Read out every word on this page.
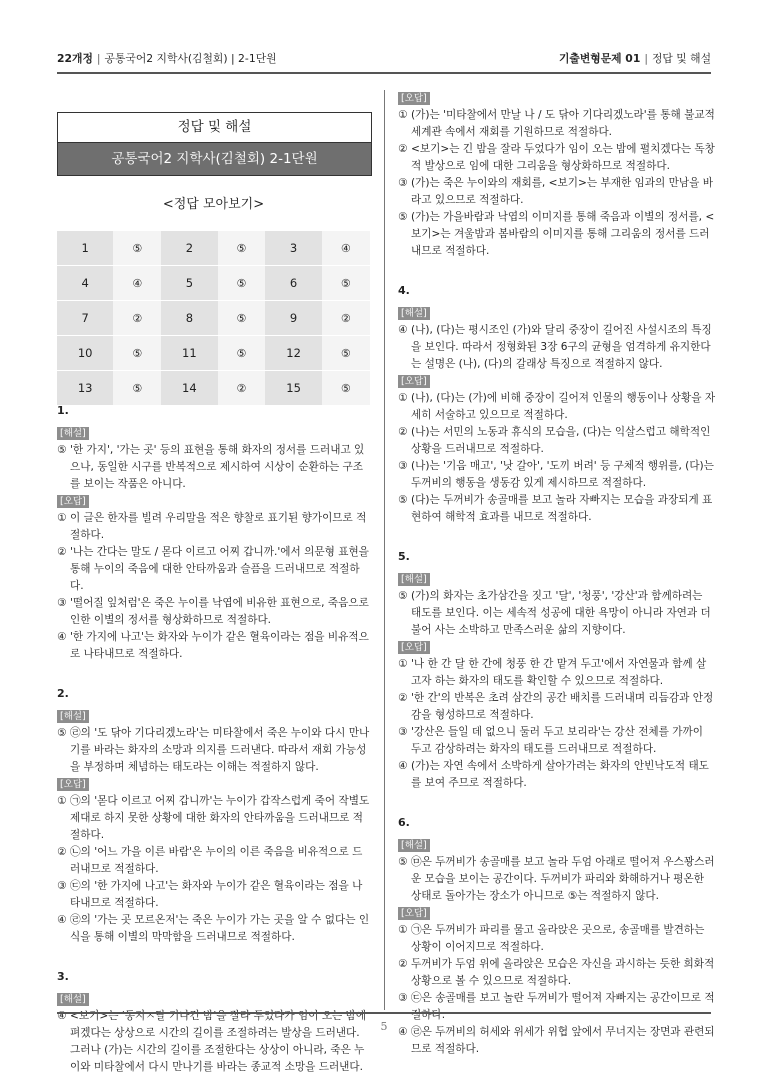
22개정 | 공통국어2 지학사(김철회) | 2-1단원	기출변형문제 01 | 정답 및 해설
정답 및 해설
공통국어2 지학사(김철회) 2-1단원
<정답 모아보기>
1	⑤	2	⑤	3	④
4	④	5	⑤	6	⑤
7	②	8	⑤	9	②
10	⑤	11	⑤	12	⑤
13	⑤	14	②	15	⑤
1.
[해설]

⑤ '한 가지', '가는 곳' 등의 표현을 통해 화자의 정서를 드러내고 있으나, 동일한 시구를 반복적으로 제시하여 시상이 순환하는 구조를 보이는 작품은 아니다.

[오답]

① 이 글은 한자를 빌려 우리말을 적은 향찰로 표기된 향가이므로 적절하다.

② '나는 간다는 말도 / 몯다 이르고 어찌 갑니까.'에서 의문형 표현을 통해 누이의 죽음에 대한 안타까움과 슬픔을 드러내므로 적절하다.

③ '떨어질 잎처럼'은 죽은 누이를 낙엽에 비유한 표현으로, 죽음으로 인한 이별의 정서를 형상화하므로 적절하다.

④ '한 가지에 나고'는 화자와 누이가 같은 혈육이라는 점을 비유적으로 나타내므로 적절하다.

2.
[해설]

⑤ ㉣의 '도 닦아 기다리겠노라'는 미타찰에서 죽은 누이와 다시 만나기를 바라는 화자의 소망과 의지를 드러낸다. 따라서 재회 가능성을 부정하며 체념하는 태도라는 이해는 적절하지 않다.

[오답]

① ㉠의 '몯다 이르고 어찌 갑니까'는 누이가 갑작스럽게 죽어 작별도 제대로 하지 못한 상황에 대한 화자의 안타까움을 드러내므로 적절하다.

② ㉡의 '어느 가을 이른 바람'은 누이의 이른 죽음을 비유적으로 드러내므로 적절하다.

③ ㉢의 '한 가지에 나고'는 화자와 누이가 같은 혈육이라는 점을 나타내므로 적절하다.

④ ㉣의 '가는 곳 모르온저'는 죽은 누이가 가는 곳을 알 수 없다는 인식을 통해 이별의 막막함을 드러내므로 적절하다.

3.
[해설]

④ <보기>는 '동지ㅅ달 기나긴 밤'을 잘라 두었다가 임이 오는 밤에 펴겠다는 상상으로 시간의 길이를 조절하려는 발상을 드러낸다. 그러나 (가)는 시간의 길이를 조절한다는 상상이 아니라, 죽은 누이와 미타찰에서 다시 만나기를 바라는 종교적 소망을 드러낸다.

[오답]

① (가)는 '미타찰에서 만날 나 / 도 닦아 기다리겠노라'를 통해 불교적 세계관 속에서 재회를 기원하므로 적절하다.

② <보기>는 긴 밤을 잘라 두었다가 임이 오는 밤에 펼치겠다는 독창적 발상으로 임에 대한 그리움을 형상화하므로 적절하다.

③ (가)는 죽은 누이와의 재회를, <보기>는 부재한 임과의 만남을 바라고 있으므로 적절하다.

⑤ (가)는 가을바람과 낙엽의 이미지를 통해 죽음과 이별의 정서를, <보기>는 겨울밤과 봄바람의 이미지를 통해 그리움의 정서를 드러내므로 적절하다.

4.
[해설]

④ (나), (다)는 평시조인 (가)와 달리 중장이 길어진 사설시조의 특징을 보인다. 따라서 정형화된 3장 6구의 균형을 엄격하게 유지한다는 설명은 (나), (다)의 갈래상 특징으로 적절하지 않다.

[오답]

① (나), (다)는 (가)에 비해 중장이 길어져 인물의 행동이나 상황을 자세히 서술하고 있으므로 적절하다.

② (나)는 서민의 노동과 휴식의 모습을, (다)는 익살스럽고 해학적인 상황을 드러내므로 적절하다.

③ (나)는 '기음 매고', '낫 갈아', '도끼 버려' 등 구체적 행위를, (다)는 두꺼비의 행동을 생동감 있게 제시하므로 적절하다.

⑤ (다)는 두꺼비가 송골매를 보고 놀라 자빠지는 모습을 과장되게 표현하여 해학적 효과를 내므로 적절하다.

5.
[해설]

⑤ (가)의 화자는 초가삼간을 짓고 '달', '청풍', '강산'과 함께하려는 태도를 보인다. 이는 세속적 성공에 대한 욕망이 아니라 자연과 더불어 사는 소박하고 만족스러운 삶의 지향이다.

[오답]

① '나 한 간 달 한 간에 청풍 한 간 맡겨 두고'에서 자연물과 함께 살고자 하는 화자의 태도를 확인할 수 있으므로 적절하다.

② '한 간'의 반복은 초려 삼간의 공간 배치를 드러내며 리듬감과 안정감을 형성하므로 적절하다.

③ '강산은 들일 데 없으니 둘러 두고 보리라'는 강산 전체를 가까이 두고 감상하려는 화자의 태도를 드러내므로 적절하다.

④ (가)는 자연 속에서 소박하게 살아가려는 화자의 안빈낙도적 태도를 보여 주므로 적절하다.

6.
[해설]

⑤ ㉤은 두꺼비가 송골매를 보고 놀라 두엄 아래로 떨어져 우스꽝스러운 모습을 보이는 공간이다. 두꺼비가 파리와 화해하거나 평온한 상태로 돌아가는 장소가 아니므로 ⑤는 적절하지 않다.

[오답]

① ㉠은 두꺼비가 파리를 물고 올라앉은 곳으로, 송골매를 발견하는 상황이 이어지므로 적절하다.

② 두꺼비가 두엄 위에 올라앉은 모습은 자신을 과시하는 듯한 희화적 상황으로 볼 수 있으므로 적절하다.

③ ㉢은 송골매를 보고 놀란 두꺼비가 떨어져 자빠지는 공간이므로 적절하다.

④ ㉣은 두꺼비의 허세와 위세가 위협 앞에서 무너지는 장면과 관련되므로 적절하다.

5
